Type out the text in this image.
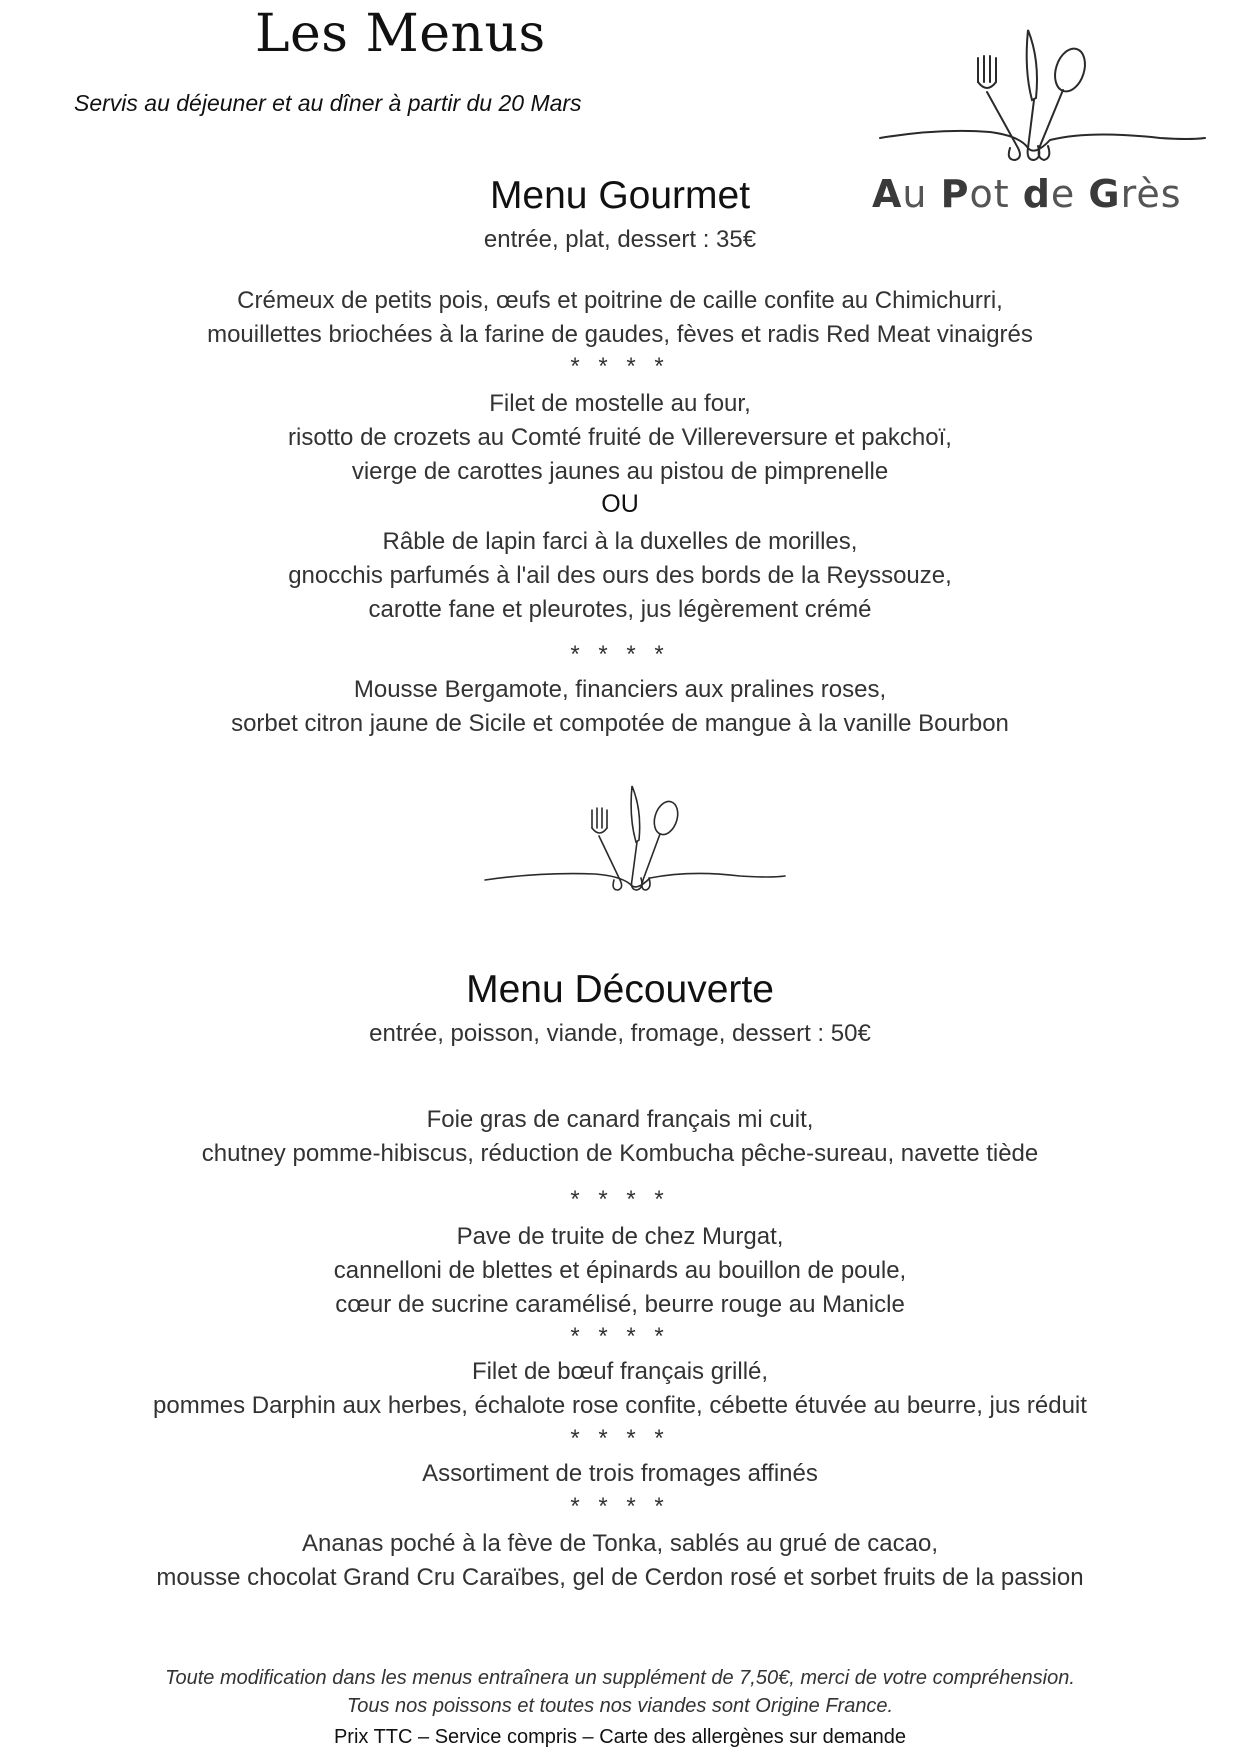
Les Menus
Servis au déjeuner et au dîner à partir du 20 Mars
Au Pot de Grès
Menu Gourmet
entrée, plat, dessert : 35€
Crémeux de petits pois, œufs et poitrine de caille confite au Chimichurri,
mouillettes briochées à la farine de gaudes, fèves et radis Red Meat vinaigrés
* * * *
Filet de mostelle au four,
risotto de crozets au Comté fruité de Villereversure et pakchoï,
vierge de carottes jaunes au pistou de pimprenelle
OU
Râble de lapin farci à la duxelles de morilles,
gnocchis parfumés à l'ail des ours des bords de la Reyssouze,
carotte fane et pleurotes, jus légèrement crémé
* * * *
Mousse Bergamote, financiers aux pralines roses,
sorbet citron jaune de Sicile et compotée de mangue à la vanille Bourbon
Menu Découverte
entrée, poisson, viande, fromage, dessert : 50€
Foie gras de canard français mi cuit,
chutney pomme-hibiscus, réduction de Kombucha pêche-sureau, navette tiède
* * * *
Pave de truite de chez Murgat,
cannelloni de blettes et épinards au bouillon de poule,
cœur de sucrine caramélisé, beurre rouge au Manicle
* * * *
Filet de bœuf français grillé,
pommes Darphin aux herbes, échalote rose confite, cébette étuvée au beurre, jus réduit
* * * *
Assortiment de trois fromages affinés
* * * *
Ananas poché à la fève de Tonka, sablés au grué de cacao,
mousse chocolat Grand Cru Caraïbes, gel de Cerdon rosé et sorbet fruits de la passion
Toute modification dans les menus entraînera un supplément de 7,50€, merci de votre compréhension.
Tous nos poissons et toutes nos viandes sont Origine France.
Prix TTC – Service compris – Carte des allergènes sur demande
